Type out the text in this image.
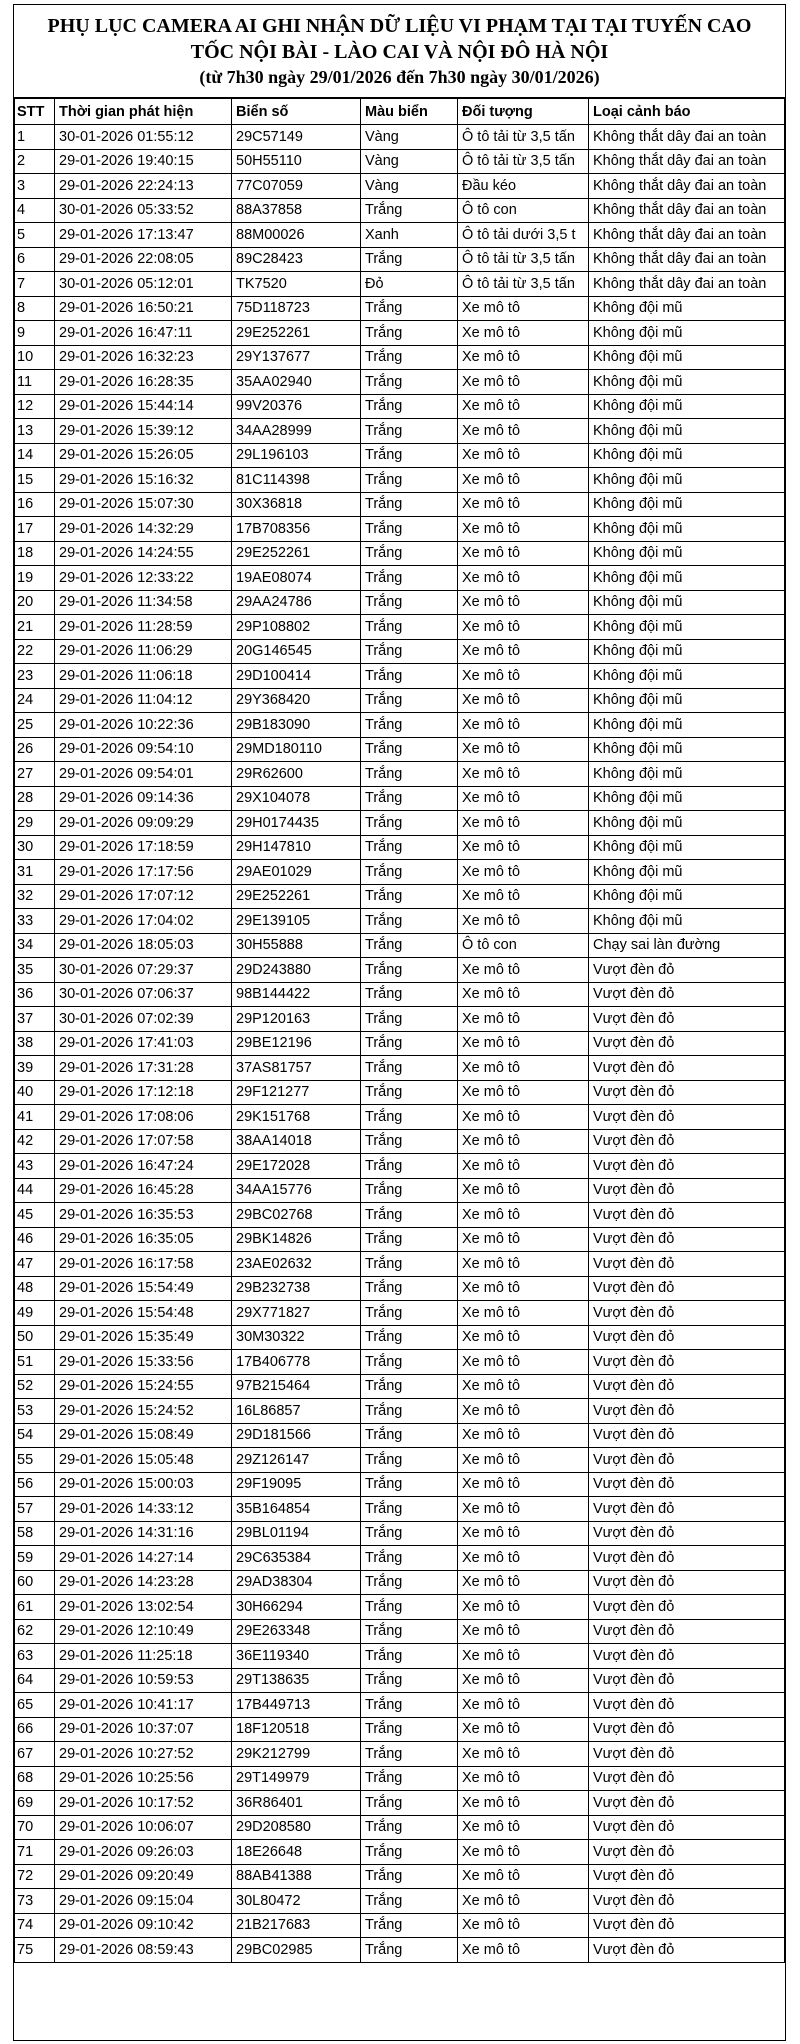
PHỤ LỤC CAMERA AI GHI NHẬN DỮ LIỆU VI PHẠM TẠI TẠI TUYẾN CAO
TỐC NỘI BÀI - LÀO CAI VÀ NỘI ĐÔ HÀ NỘI
(từ 7h30 ngày 29/01/2026 đến 7h30 ngày 30/01/2026)
STT	Thời gian phát hiện	Biển số	Màu biển	Đối tượng	Loại cảnh báo
1	30-01-2026 01:55:12	29C57149	Vàng	Ô tô tải từ 3,5 tấn	Không thắt dây đai an toàn
2	29-01-2026 19:40:15	50H55110	Vàng	Ô tô tải từ 3,5 tấn	Không thắt dây đai an toàn
3	29-01-2026 22:24:13	77C07059	Vàng	Đầu kéo	Không thắt dây đai an toàn
4	30-01-2026 05:33:52	88A37858	Trắng	Ô tô con	Không thắt dây đai an toàn
5	29-01-2026 17:13:47	88M00026	Xanh	Ô tô tải dưới 3,5 t	Không thắt dây đai an toàn
6	29-01-2026 22:08:05	89C28423	Trắng	Ô tô tải từ 3,5 tấn	Không thắt dây đai an toàn
7	30-01-2026 05:12:01	TK7520	Đỏ	Ô tô tải từ 3,5 tấn	Không thắt dây đai an toàn
8	29-01-2026 16:50:21	75D118723	Trắng	Xe mô tô	Không đội mũ
9	29-01-2026 16:47:11	29E252261	Trắng	Xe mô tô	Không đội mũ
10	29-01-2026 16:32:23	29Y137677	Trắng	Xe mô tô	Không đội mũ
11	29-01-2026 16:28:35	35AA02940	Trắng	Xe mô tô	Không đội mũ
12	29-01-2026 15:44:14	99V20376	Trắng	Xe mô tô	Không đội mũ
13	29-01-2026 15:39:12	34AA28999	Trắng	Xe mô tô	Không đội mũ
14	29-01-2026 15:26:05	29L196103	Trắng	Xe mô tô	Không đội mũ
15	29-01-2026 15:16:32	81C114398	Trắng	Xe mô tô	Không đội mũ
16	29-01-2026 15:07:30	30X36818	Trắng	Xe mô tô	Không đội mũ
17	29-01-2026 14:32:29	17B708356	Trắng	Xe mô tô	Không đội mũ
18	29-01-2026 14:24:55	29E252261	Trắng	Xe mô tô	Không đội mũ
19	29-01-2026 12:33:22	19AE08074	Trắng	Xe mô tô	Không đội mũ
20	29-01-2026 11:34:58	29AA24786	Trắng	Xe mô tô	Không đội mũ
21	29-01-2026 11:28:59	29P108802	Trắng	Xe mô tô	Không đội mũ
22	29-01-2026 11:06:29	20G146545	Trắng	Xe mô tô	Không đội mũ
23	29-01-2026 11:06:18	29D100414	Trắng	Xe mô tô	Không đội mũ
24	29-01-2026 11:04:12	29Y368420	Trắng	Xe mô tô	Không đội mũ
25	29-01-2026 10:22:36	29B183090	Trắng	Xe mô tô	Không đội mũ
26	29-01-2026 09:54:10	29MD180110	Trắng	Xe mô tô	Không đội mũ
27	29-01-2026 09:54:01	29R62600	Trắng	Xe mô tô	Không đội mũ
28	29-01-2026 09:14:36	29X104078	Trắng	Xe mô tô	Không đội mũ
29	29-01-2026 09:09:29	29H0174435	Trắng	Xe mô tô	Không đội mũ
30	29-01-2026 17:18:59	29H147810	Trắng	Xe mô tô	Không đội mũ
31	29-01-2026 17:17:56	29AE01029	Trắng	Xe mô tô	Không đội mũ
32	29-01-2026 17:07:12	29E252261	Trắng	Xe mô tô	Không đội mũ
33	29-01-2026 17:04:02	29E139105	Trắng	Xe mô tô	Không đội mũ
34	29-01-2026 18:05:03	30H55888	Trắng	Ô tô con	Chạy sai làn đường
35	30-01-2026 07:29:37	29D243880	Trắng	Xe mô tô	Vượt đèn đỏ
36	30-01-2026 07:06:37	98B144422	Trắng	Xe mô tô	Vượt đèn đỏ
37	30-01-2026 07:02:39	29P120163	Trắng	Xe mô tô	Vượt đèn đỏ
38	29-01-2026 17:41:03	29BE12196	Trắng	Xe mô tô	Vượt đèn đỏ
39	29-01-2026 17:31:28	37AS81757	Trắng	Xe mô tô	Vượt đèn đỏ
40	29-01-2026 17:12:18	29F121277	Trắng	Xe mô tô	Vượt đèn đỏ
41	29-01-2026 17:08:06	29K151768	Trắng	Xe mô tô	Vượt đèn đỏ
42	29-01-2026 17:07:58	38AA14018	Trắng	Xe mô tô	Vượt đèn đỏ
43	29-01-2026 16:47:24	29E172028	Trắng	Xe mô tô	Vượt đèn đỏ
44	29-01-2026 16:45:28	34AA15776	Trắng	Xe mô tô	Vượt đèn đỏ
45	29-01-2026 16:35:53	29BC02768	Trắng	Xe mô tô	Vượt đèn đỏ
46	29-01-2026 16:35:05	29BK14826	Trắng	Xe mô tô	Vượt đèn đỏ
47	29-01-2026 16:17:58	23AE02632	Trắng	Xe mô tô	Vượt đèn đỏ
48	29-01-2026 15:54:49	29B232738	Trắng	Xe mô tô	Vượt đèn đỏ
49	29-01-2026 15:54:48	29X771827	Trắng	Xe mô tô	Vượt đèn đỏ
50	29-01-2026 15:35:49	30M30322	Trắng	Xe mô tô	Vượt đèn đỏ
51	29-01-2026 15:33:56	17B406778	Trắng	Xe mô tô	Vượt đèn đỏ
52	29-01-2026 15:24:55	97B215464	Trắng	Xe mô tô	Vượt đèn đỏ
53	29-01-2026 15:24:52	16L86857	Trắng	Xe mô tô	Vượt đèn đỏ
54	29-01-2026 15:08:49	29D181566	Trắng	Xe mô tô	Vượt đèn đỏ
55	29-01-2026 15:05:48	29Z126147	Trắng	Xe mô tô	Vượt đèn đỏ
56	29-01-2026 15:00:03	29F19095	Trắng	Xe mô tô	Vượt đèn đỏ
57	29-01-2026 14:33:12	35B164854	Trắng	Xe mô tô	Vượt đèn đỏ
58	29-01-2026 14:31:16	29BL01194	Trắng	Xe mô tô	Vượt đèn đỏ
59	29-01-2026 14:27:14	29C635384	Trắng	Xe mô tô	Vượt đèn đỏ
60	29-01-2026 14:23:28	29AD38304	Trắng	Xe mô tô	Vượt đèn đỏ
61	29-01-2026 13:02:54	30H66294	Trắng	Xe mô tô	Vượt đèn đỏ
62	29-01-2026 12:10:49	29E263348	Trắng	Xe mô tô	Vượt đèn đỏ
63	29-01-2026 11:25:18	36E119340	Trắng	Xe mô tô	Vượt đèn đỏ
64	29-01-2026 10:59:53	29T138635	Trắng	Xe mô tô	Vượt đèn đỏ
65	29-01-2026 10:41:17	17B449713	Trắng	Xe mô tô	Vượt đèn đỏ
66	29-01-2026 10:37:07	18F120518	Trắng	Xe mô tô	Vượt đèn đỏ
67	29-01-2026 10:27:52	29K212799	Trắng	Xe mô tô	Vượt đèn đỏ
68	29-01-2026 10:25:56	29T149979	Trắng	Xe mô tô	Vượt đèn đỏ
69	29-01-2026 10:17:52	36R86401	Trắng	Xe mô tô	Vượt đèn đỏ
70	29-01-2026 10:06:07	29D208580	Trắng	Xe mô tô	Vượt đèn đỏ
71	29-01-2026 09:26:03	18E26648	Trắng	Xe mô tô	Vượt đèn đỏ
72	29-01-2026 09:20:49	88AB41388	Trắng	Xe mô tô	Vượt đèn đỏ
73	29-01-2026 09:15:04	30L80472	Trắng	Xe mô tô	Vượt đèn đỏ
74	29-01-2026 09:10:42	21B217683	Trắng	Xe mô tô	Vượt đèn đỏ
75	29-01-2026 08:59:43	29BC02985	Trắng	Xe mô tô	Vượt đèn đỏ
